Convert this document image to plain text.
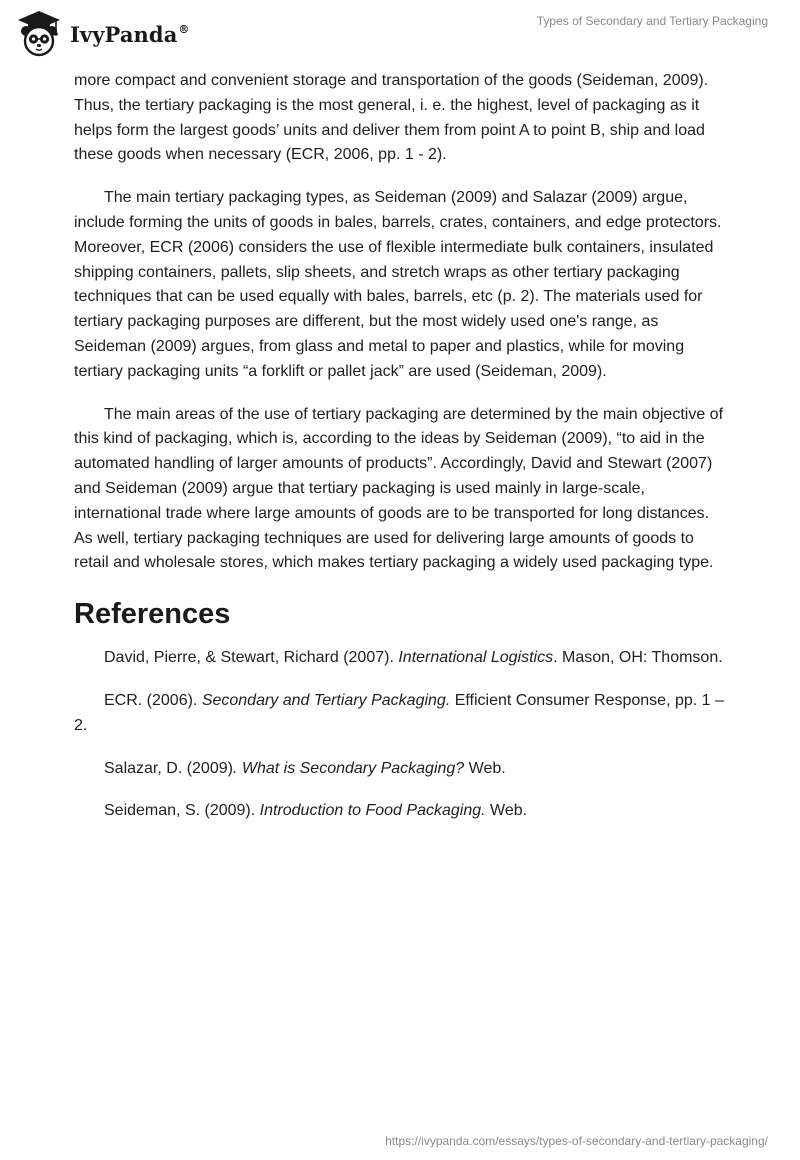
IvyPanda®
Types of Secondary and Tertiary Packaging

more compact and convenient storage and transportation of the goods (Seideman, 2009). Thus, the tertiary packaging is the most general, i. e. the highest, level of packaging as it helps form the largest goods’ units and deliver them from point A to point B, ship and load these goods when necessary (ECR, 2006, pp. 1 - 2).

The main tertiary packaging types, as Seideman (2009) and Salazar (2009) argue, include forming the units of goods in bales, barrels, crates, containers, and edge protectors. Moreover, ECR (2006) considers the use of flexible intermediate bulk containers, insulated shipping containers, pallets, slip sheets, and stretch wraps as other tertiary packaging techniques that can be used equally with bales, barrels, etc (p. 2). The materials used for tertiary packaging purposes are different, but the most widely used one's range, as Seideman (2009) argues, from glass and metal to paper and plastics, while for moving tertiary packaging units “a forklift or pallet jack” are used (Seideman, 2009).

The main areas of the use of tertiary packaging are determined by the main objective of this kind of packaging, which is, according to the ideas by Seideman (2009), “to aid in the automated handling of larger amounts of products”. Accordingly, David and Stewart (2007) and Seideman (2009) argue that tertiary packaging is used mainly in large-scale, international trade where large amounts of goods are to be transported for long distances. As well, tertiary packaging techniques are used for delivering large amounts of goods to retail and wholesale stores, which makes tertiary packaging a widely used packaging type.

References

David, Pierre, & Stewart, Richard (2007). International Logistics. Mason, OH: Thomson.

ECR. (2006). Secondary and Tertiary Packaging. Efficient Consumer Response, pp. 1 – 2.

Salazar, D. (2009). What is Secondary Packaging? Web.

Seideman, S. (2009). Introduction to Food Packaging. Web.

https://ivypanda.com/essays/types-of-secondary-and-tertiary-packaging/
